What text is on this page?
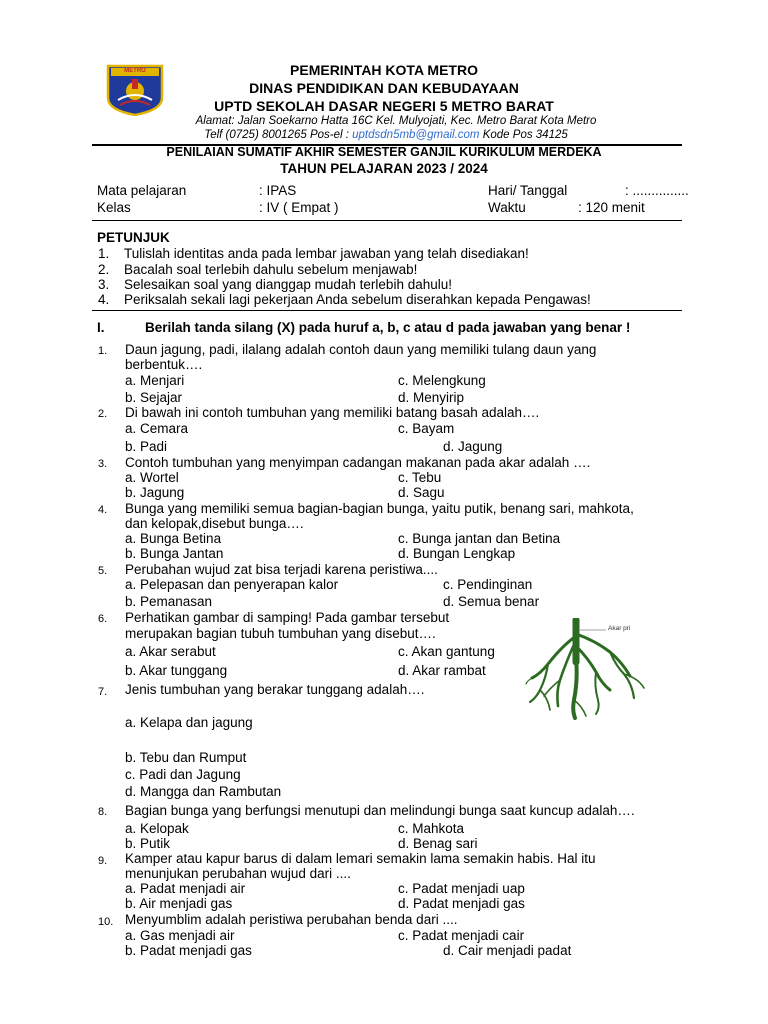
METRO	PEMERINTAH KOTA METRO
DINAS PENDIDIKAN DAN KEBUDAYAAN
UPTD SEKOLAH DASAR NEGERI 5 METRO BARAT
Alamat: Jalan Soekarno Hatta 16C Kel. Mulyojati, Kec. Metro Barat Kota Metro
Telf (0725) 8001265 Pos-el : uptdsdn5mb@gmail.com Kode Pos 34125
PENILAIAN SUMATIF AKHIR SEMESTER GANJIL KURIKULUM MERDEKA
TAHUN PELAJARAN 2023 / 2024
Mata pelajaran	: IPAS	Hari/ Tanggal	: ...............
Kelas	: IV ( Empat )	Waktu	: 120 menit
PETUNJUK
1. Tulislah identitas anda pada lembar jawaban yang telah disediakan!
2. Bacalah soal terlebih dahulu sebelum menjawab!
3. Selesaikan soal yang dianggap mudah terlebih dahulu!
4. Periksalah sekali lagi pekerjaan Anda sebelum diserahkan kepada Pengawas!
I.	Berilah tanda silang (X) pada huruf a, b, c atau d pada jawaban yang benar !
1. Daun jagung, padi, ilalang adalah contoh daun yang memiliki tulang daun yang
berbentuk….
a. Menjari	c. Melengkung
b. Sejajar	d. Menyirip
2. Di bawah ini contoh tumbuhan yang memiliki batang basah adalah….
a. Cemara	c. Bayam
b. Padi	d. Jagung
3. Contoh tumbuhan yang menyimpan cadangan makanan pada akar adalah ….
a. Wortel	c. Tebu
b. Jagung	d. Sagu
4. Bunga yang memiliki semua bagian-bagian bunga, yaitu putik, benang sari, mahkota,
dan kelopak,disebut bunga….
a. Bunga Betina	c. Bunga jantan dan Betina
b. Bunga Jantan	d. Bungan Lengkap
5. Perubahan wujud zat bisa terjadi karena peristiwa....
a. Pelepasan dan penyerapan kalor	c. Pendinginan
b. Pemanasan	d. Semua benar
6. Perhatikan gambar di samping! Pada gambar tersebut
merupakan bagian tubuh tumbuhan yang disebut….
a. Akar serabut	c. Akan gantung
b. Akar tunggang	d. Akar rambat
Akar pri
7. Jenis tumbuhan yang berakar tunggang adalah….
a. Kelapa dan jagung
b. Tebu dan Rumput
c. Padi dan Jagung
d. Mangga dan Rambutan
8. Bagian bunga yang berfungsi menutupi dan melindungi bunga saat kuncup adalah….
a. Kelopak	c. Mahkota
b. Putik	d. Benag sari
9. Kamper atau kapur barus di dalam lemari semakin lama semakin habis. Hal itu
menunjukan perubahan wujud dari ....
a. Padat menjadi air	c. Padat menjadi uap
b. Air menjadi gas	d. Padat menjadi gas
10. Menyumblim adalah peristiwa perubahan benda dari ....
a. Gas menjadi air	c. Padat menjadi cair
b. Padat menjadi gas	d. Cair menjadi padat
